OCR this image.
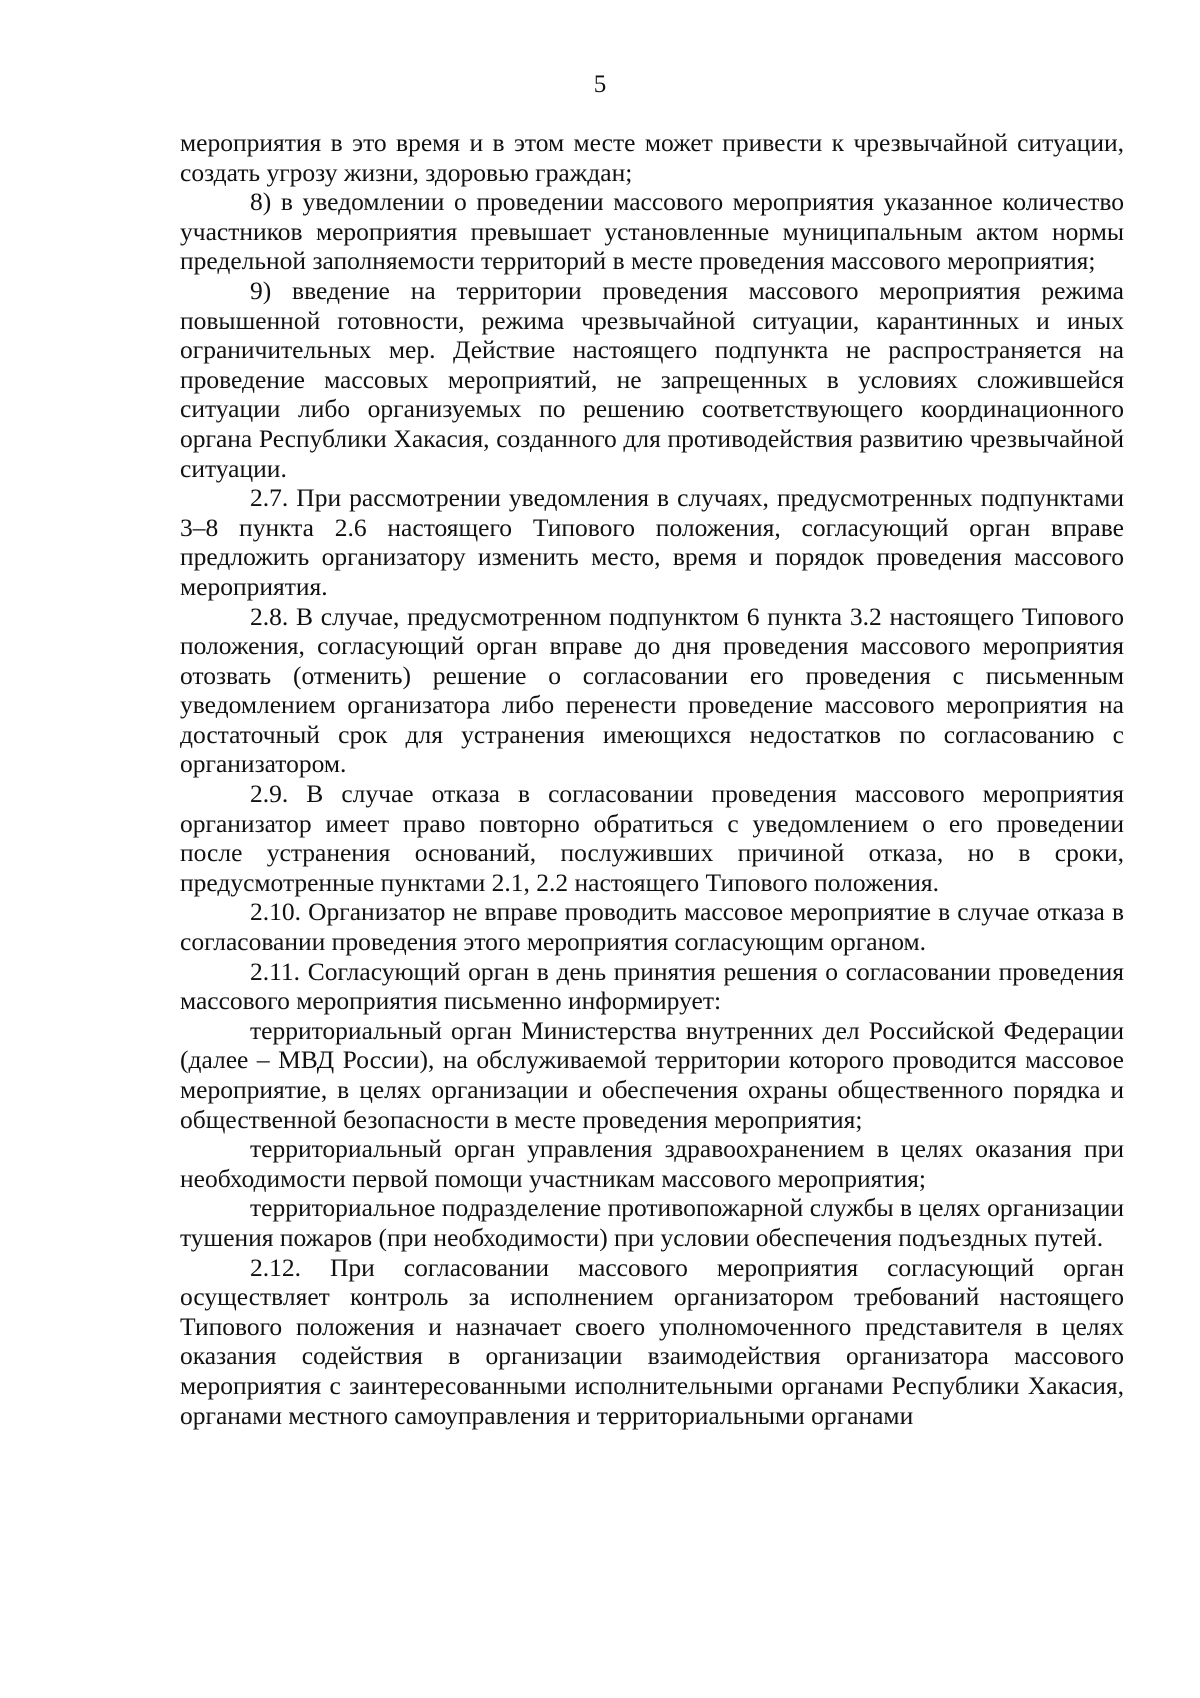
5

мероприятия в это время и в этом месте может привести к чрезвычайной ситуации, создать угрозу жизни, здоровью граждан;

8) в уведомлении о проведении массового мероприятия указанное количество участников мероприятия превышает установленные муниципальным актом нормы предельной заполняемости территорий в месте проведения массового мероприятия;

9) введение на территории проведения массового мероприятия режима повышенной готовности, режима чрезвычайной ситуации, карантинных и иных ограничительных мер. Действие настоящего подпункта не распространяется на проведение массовых мероприятий, не запрещенных в условиях сложившейся ситуации либо организуемых по решению соответствующего координационного органа Республики Хакасия, созданного для противодействия развитию чрезвычайной ситуации.

2.7. При рассмотрении уведомления в случаях, предусмотренных подпунктами 3–8 пункта 2.6 настоящего Типового положения, согласующий орган вправе предложить организатору изменить место, время и порядок проведения массового мероприятия.

2.8. В случае, предусмотренном подпунктом 6 пункта 3.2 настоящего Типового положения, согласующий орган вправе до дня проведения массового мероприятия отозвать (отменить) решение о согласовании его проведения с письменным уведомлением организатора либо перенести проведение массового мероприятия на достаточный срок для устранения имеющихся недостатков по согласованию с организатором.

2.9. В случае отказа в согласовании проведения массового мероприятия организатор имеет право повторно обратиться с уведомлением о его проведении после устранения оснований, послуживших причиной отказа, но в сроки, предусмотренные пунктами 2.1, 2.2 настоящего Типового положения.

2.10. Организатор не вправе проводить массовое мероприятие в случае отказа в согласовании проведения этого мероприятия согласующим органом.

2.11. Согласующий орган в день принятия решения о согласовании проведения массового мероприятия письменно информирует:

территориальный орган Министерства внутренних дел Российской Федерации (далее – МВД России), на обслуживаемой территории которого проводится массовое мероприятие, в целях организации и обеспечения охраны общественного порядка и общественной безопасности в месте проведения мероприятия;

территориальный орган управления здравоохранением в целях оказания при необходимости первой помощи участникам массового мероприятия;

территориальное подразделение противопожарной службы в целях организации тушения пожаров (при необходимости) при условии обеспечения подъездных путей.

2.12. При согласовании массового мероприятия согласующий орган осуществляет контроль за исполнением организатором требований настоящего Типового положения и назначает своего уполномоченного представителя в целях оказания содействия в организации взаимодействия организатора массового мероприятия с заинтересованными исполнительными органами Республики Хакасия, органами местного самоуправления и территориальными органами
